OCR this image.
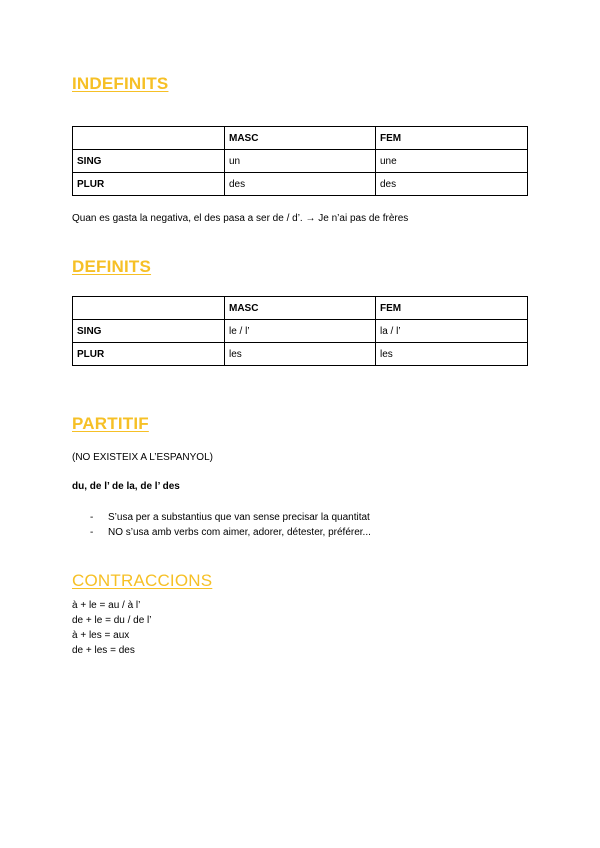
INDEFINITS
	MASC	FEM
SING	un	une
PLUR	des	des

Quan es gasta la negativa, el des pasa a ser de / d’. → Je n’ai pas de frères

DEFINITS
	MASC	FEM
SING	le / l’	la / l’
PLUR	les	les
PARTITIF

(NO EXISTEIX A L’ESPANYOL)

du, de l’ de la, de l’ des

- S’usa per a substantius que van sense precisar la quantitat
- NO s’usa amb verbs com aimer, adorer, détester, préférer...
CONTRACCIONS
à + le = au / à l’
de + le = du / de l’
à + les = aux
de + les = des
